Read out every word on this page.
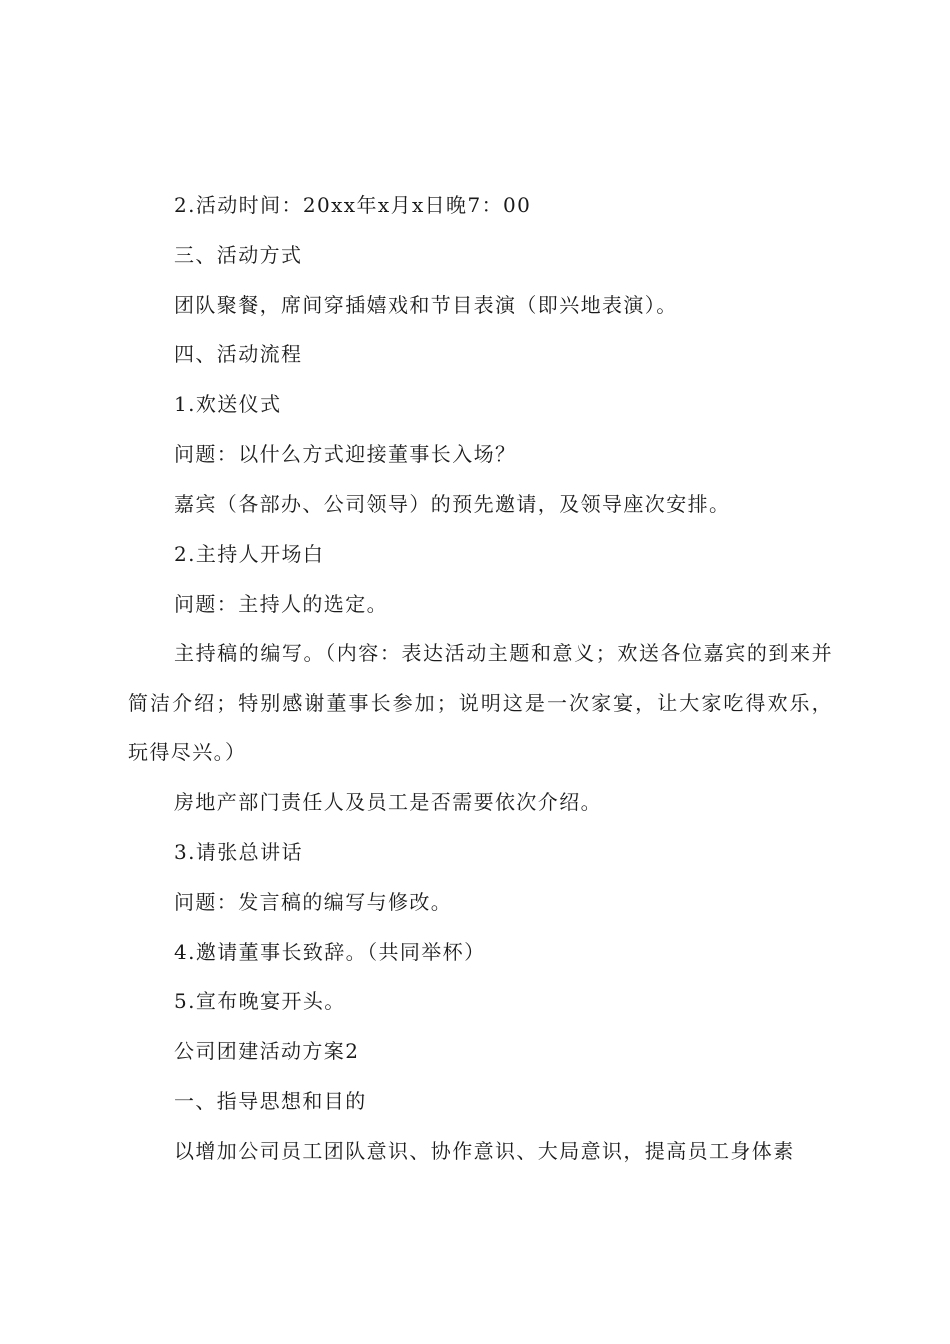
2.活动时间：20xx年x月x日晚7：00

三、活动方式

团队聚餐，席间穿插嬉戏和节目表演（即兴地表演）。

四、活动流程

1.欢送仪式

问题：以什么方式迎接董事长入场？

嘉宾（各部办、公司领导）的预先邀请，及领导座次安排。

2.主持人开场白

问题：主持人的选定。

主持稿的编写。（内容：表达活动主题和意义；欢送各位嘉宾的到来并简洁介绍；特别感谢董事长参加；说明这是一次家宴，让大家吃得欢乐，玩得尽兴。）

房地产部门责任人及员工是否需要依次介绍。

3.请张总讲话

问题：发言稿的编写与修改。

4.邀请董事长致辞。（共同举杯）

5.宣布晚宴开头。

公司团建活动方案2

一、指导思想和目的

以增加公司员工团队意识、协作意识、大局意识，提高员工身体素
